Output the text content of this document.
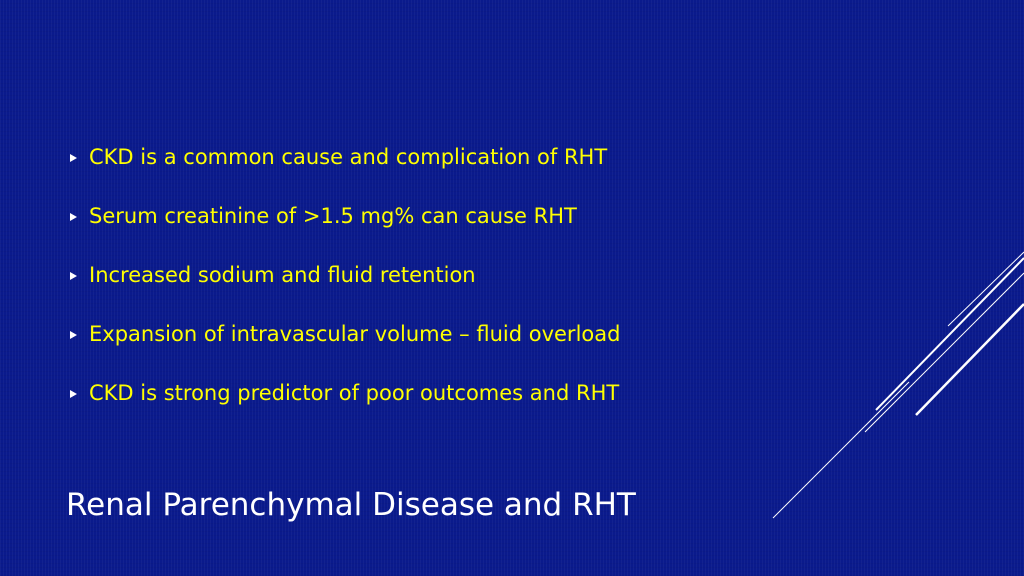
CKD is a common cause and complication of RHT
Serum creatinine of >1.5 mg% can cause RHT
Increased sodium and fluid retention
Expansion of intravascular volume – fluid overload
CKD is strong predictor of poor outcomes and RHT
Renal Parenchymal Disease and RHT
